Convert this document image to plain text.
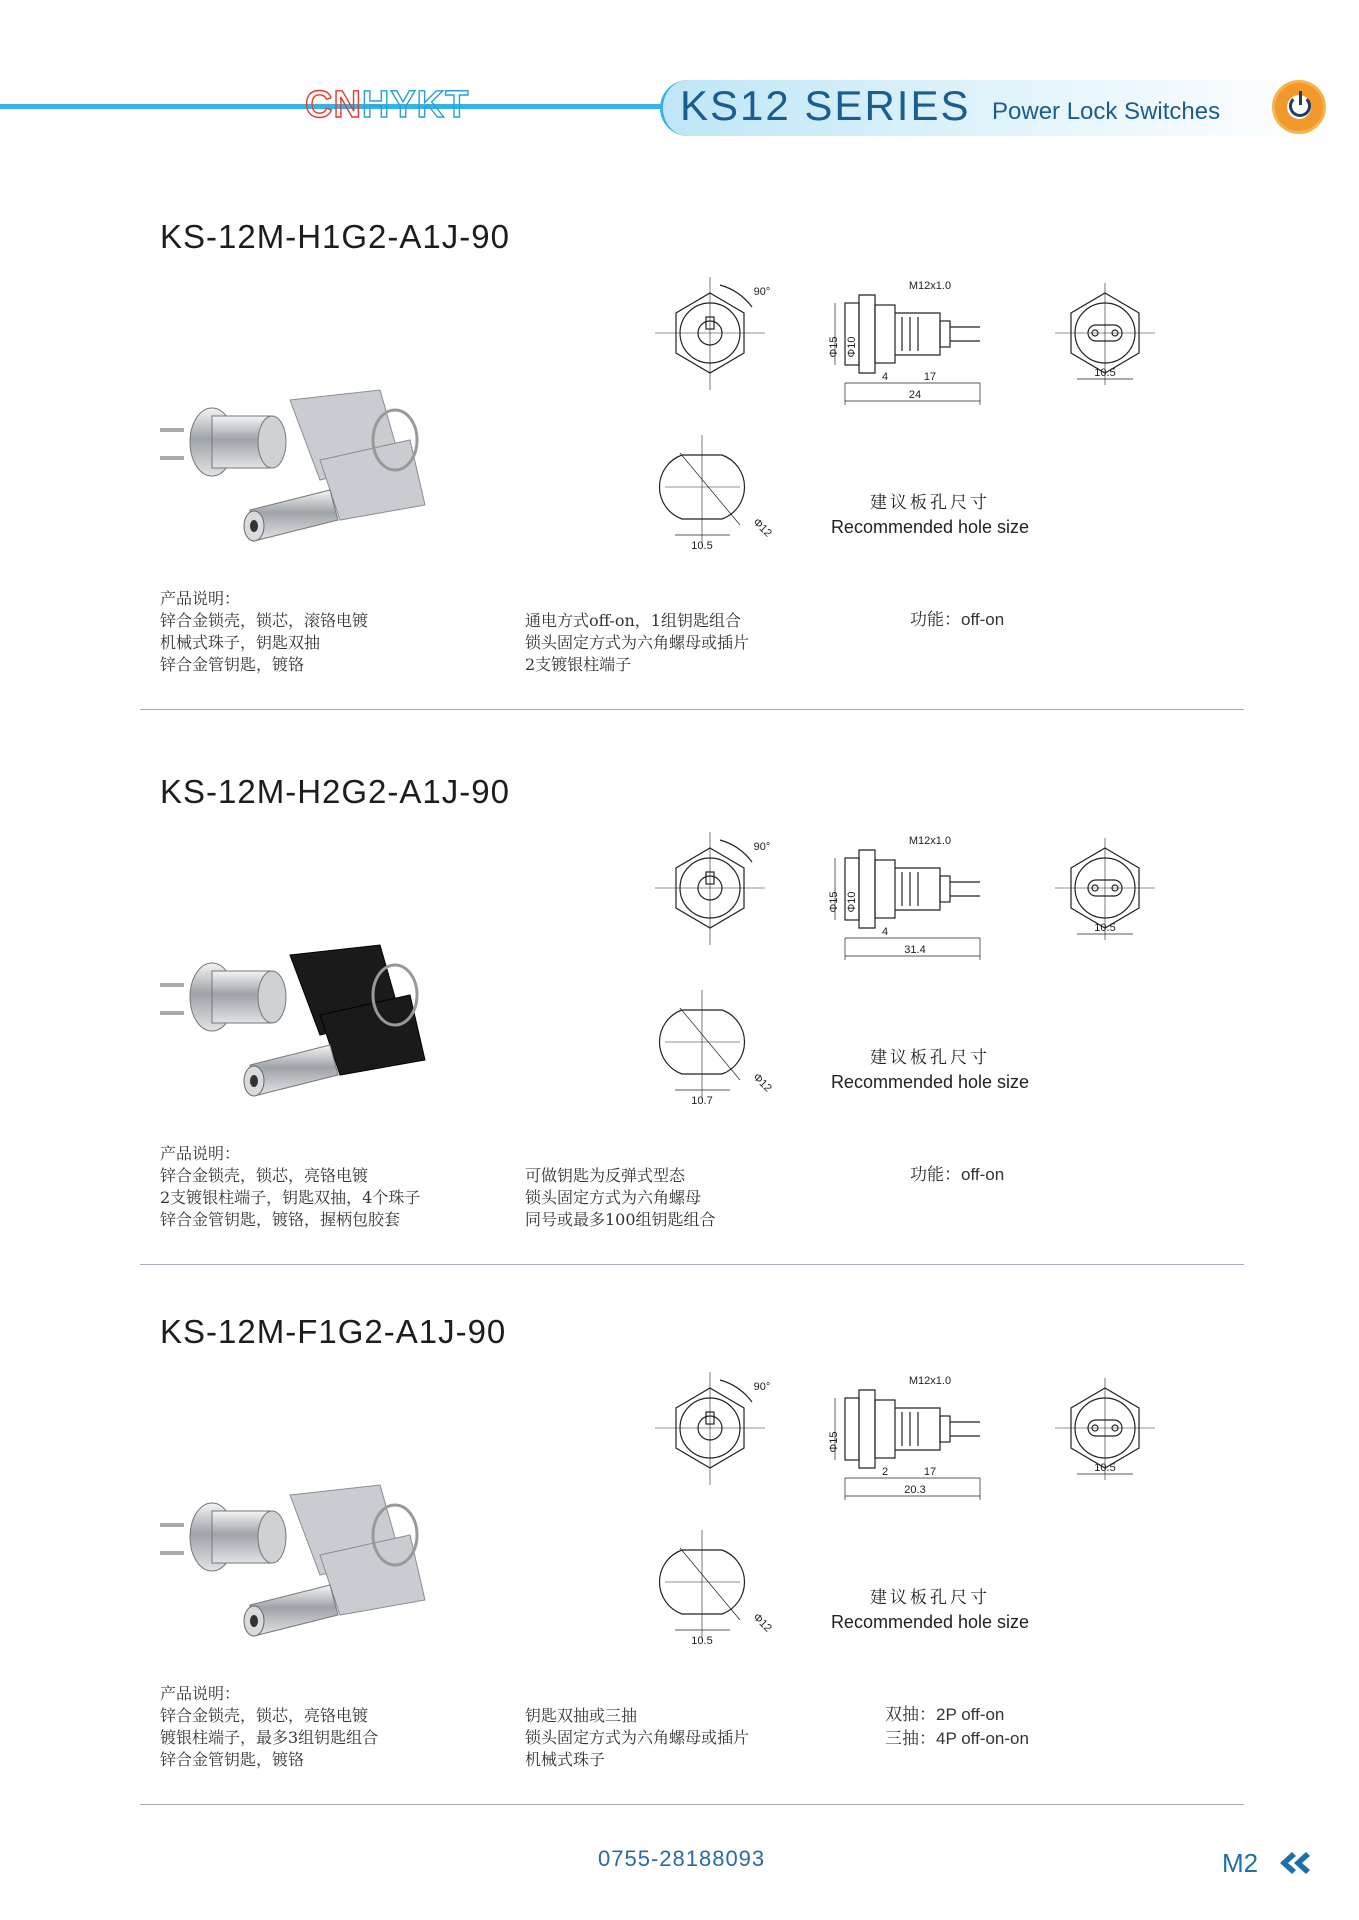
CNHYKT	KS12 SERIES Power Lock Switches
KS-12M-H1G2-A1J-90
90°	M12x1.0
Φ15 Φ10
4	17
24
10.5
10.5
Φ12
建议板孔尺寸
Recommended hole size
产品说明：
锌合金锁壳，锁芯，滚铬电镀
机械式珠子，钥匙双抽
锌合金管钥匙，镀铬
通电方式off-on，1组钥匙组合
锁头固定方式为六角螺母或插片
2支镀银柱端子
功能：off-on
KS-12M-H2G2-A1J-90
90°	M12x1.0
Φ15 Φ10
4
31.4
10.5
10.7
Φ12
建议板孔尺寸
Recommended hole size
产品说明：
锌合金锁壳，锁芯，亮铬电镀
2支镀银柱端子，钥匙双抽，4个珠子
锌合金管钥匙，镀铬，握柄包胶套
可做钥匙为反弹式型态
锁头固定方式为六角螺母
同号或最多100组钥匙组合
功能：off-on
KS-12M-F1G2-A1J-90
90°	M12x1.0
Φ15
2	17
20.3
10.5
10.5
Φ12
建议板孔尺寸
Recommended hole size
产品说明：
锌合金锁壳，锁芯，亮铬电镀
镀银柱端子，最多3组钥匙组合
锌合金管钥匙，镀铬
钥匙双抽或三抽
锁头固定方式为六角螺母或插片
机械式珠子
双抽：2P off-on
三抽：4P off-on-on
0755-28188093	M2
